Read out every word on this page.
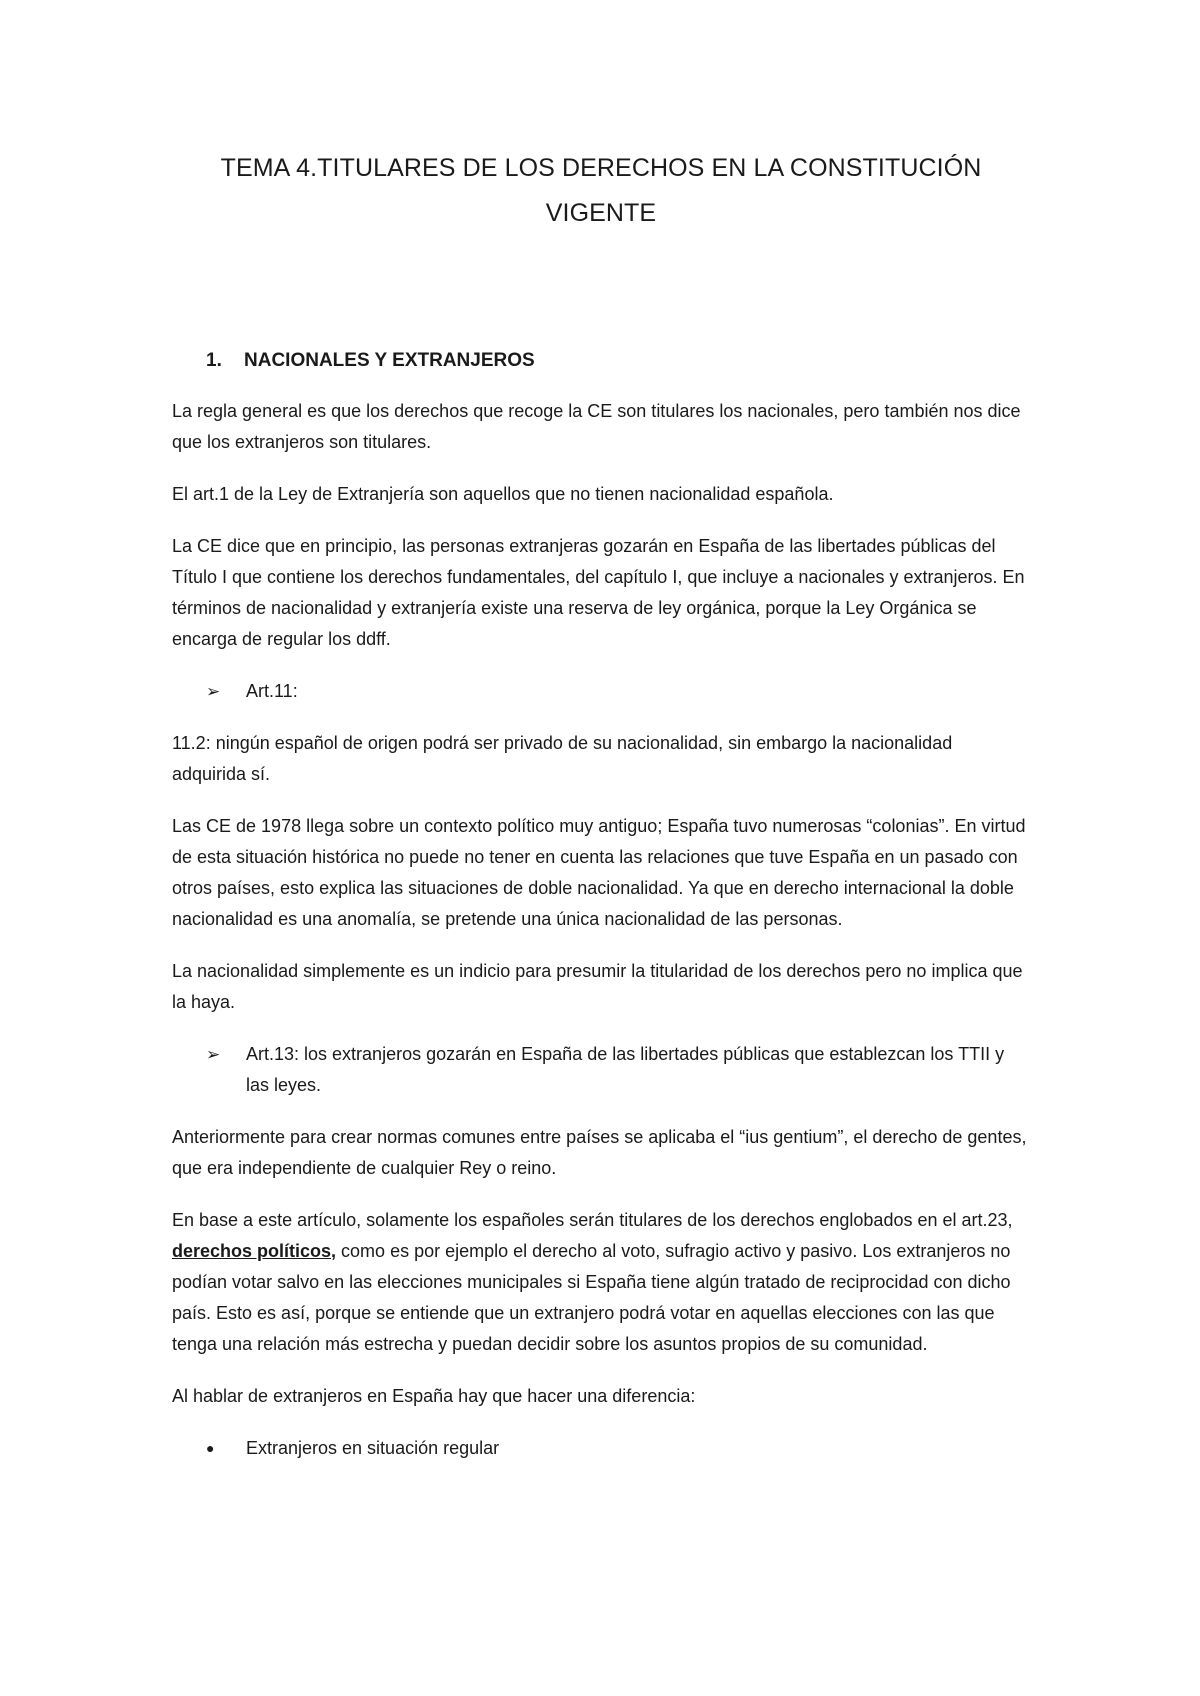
TEMA 4.TITULARES DE LOS DERECHOS EN LA CONSTITUCIÓN VIGENTE
1.	NACIONALES Y EXTRANJEROS

La regla general es que los derechos que recoge la CE son titulares los nacionales, pero también nos dice que los extranjeros son titulares.

El art.1 de la Ley de Extranjería son aquellos que no tienen nacionalidad española.

La CE dice que en principio, las personas extranjeras gozarán en España de las libertades públicas del Título I que contiene los derechos fundamentales, del capítulo I, que incluye a nacionales y extranjeros. En términos de nacionalidad y extranjería existe una reserva de ley orgánica, porque la Ley Orgánica se encarga de regular los ddff.

➢	Art.11:

11.2: ningún español de origen podrá ser privado de su nacionalidad, sin embargo la nacionalidad adquirida sí.

Las CE de 1978 llega sobre un contexto político muy antiguo; España tuvo numerosas “colonias”. En virtud de esta situación histórica no puede no tener en cuenta las relaciones que tuve España en un pasado con otros países, esto explica las situaciones de doble nacionalidad. Ya que en derecho internacional la doble nacionalidad es una anomalía, se pretende una única nacionalidad de las personas.

La nacionalidad simplemente es un indicio para presumir la titularidad de los derechos pero no implica que la haya.

➢	Art.13: los extranjeros gozarán en España de las libertades públicas que establezcan los TTII y las leyes.

Anteriormente para crear normas comunes entre países se aplicaba el “ius gentium”, el derecho de gentes, que era independiente de cualquier Rey o reino.

En base a este artículo, solamente los españoles serán titulares de los derechos englobados en el art.23, derechos políticos, como es por ejemplo el derecho al voto, sufragio activo y pasivo. Los extranjeros no podían votar salvo en las elecciones municipales si España tiene algún tratado de reciprocidad con dicho país. Esto es así, porque se entiende que un extranjero podrá votar en aquellas elecciones con las que tenga una relación más estrecha y puedan decidir sobre los asuntos propios de su comunidad.

Al hablar de extranjeros en España hay que hacer una diferencia:

●	Extranjeros en situación regular
